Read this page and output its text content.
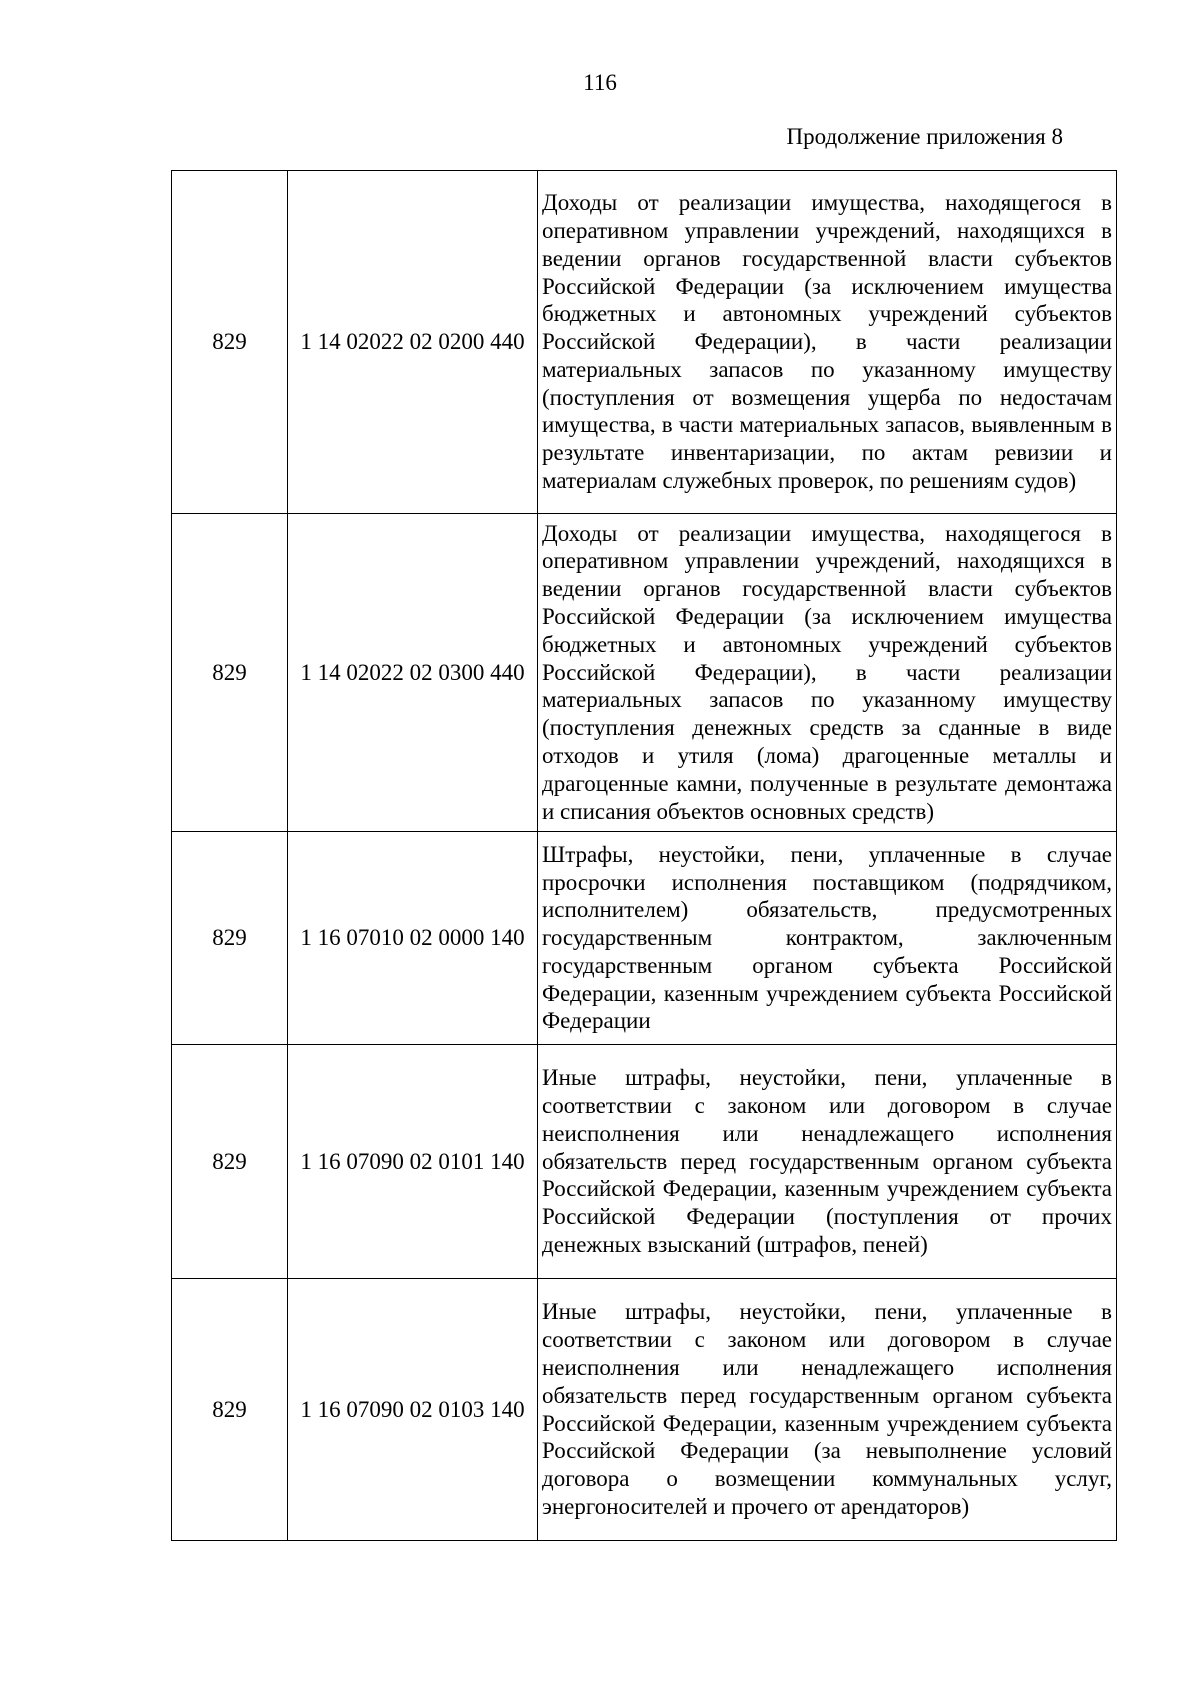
116
Продолжение приложения 8
829	1 14 02022 02 0200 440	Доходы от реализации имущества, находящегося в оперативном управлении учреждений, находящихся в ведении органов государственной власти субъектов Российской Федерации (за исключением имущества бюджетных и автономных учреждений субъектов Российской Федерации), в части реализации материальных запасов по указанному имуществу (поступления от возмещения ущерба по недостачам имущества, в части материальных запасов, выявленным в результате инвентаризации, по актам ревизии и материалам служебных проверок, по решениям судов)
829	1 14 02022 02 0300 440	Доходы от реализации имущества, находящегося в оперативном управлении учреждений, находящихся в ведении органов государственной власти субъектов Российской Федерации (за исключением имущества бюджетных и автономных учреждений субъектов Российской Федерации), в части реализации материальных запасов по указанному имуществу (поступления денежных средств за сданные в виде отходов и утиля (лома) драгоценные металлы и драгоценные камни, полученные в результате демонтажа и списания объектов основных средств)
829	1 16 07010 02 0000 140	Штрафы, неустойки, пени, уплаченные в случае просрочки исполнения поставщиком (подрядчиком, исполнителем) обязательств, предусмотренных государственным контрактом, заключенным государственным органом субъекта Российской Федерации, казенным учреждением субъекта Российской Федерации
829	1 16 07090 02 0101 140	Иные штрафы, неустойки, пени, уплаченные в соответствии с законом или договором в случае неисполнения или ненадлежащего исполнения обязательств перед государственным органом субъекта Российской Федерации, казенным учреждением субъекта Российской Федерации (поступления от прочих денежных взысканий (штрафов, пеней)
829	1 16 07090 02 0103 140	Иные штрафы, неустойки, пени, уплаченные в соответствии с законом или договором в случае неисполнения или ненадлежащего исполнения обязательств перед государственным органом субъекта Российской Федерации, казенным учреждением субъекта Российской Федерации (за невыполнение условий договора о возмещении коммунальных услуг, энергоносителей и прочего от арендаторов)
